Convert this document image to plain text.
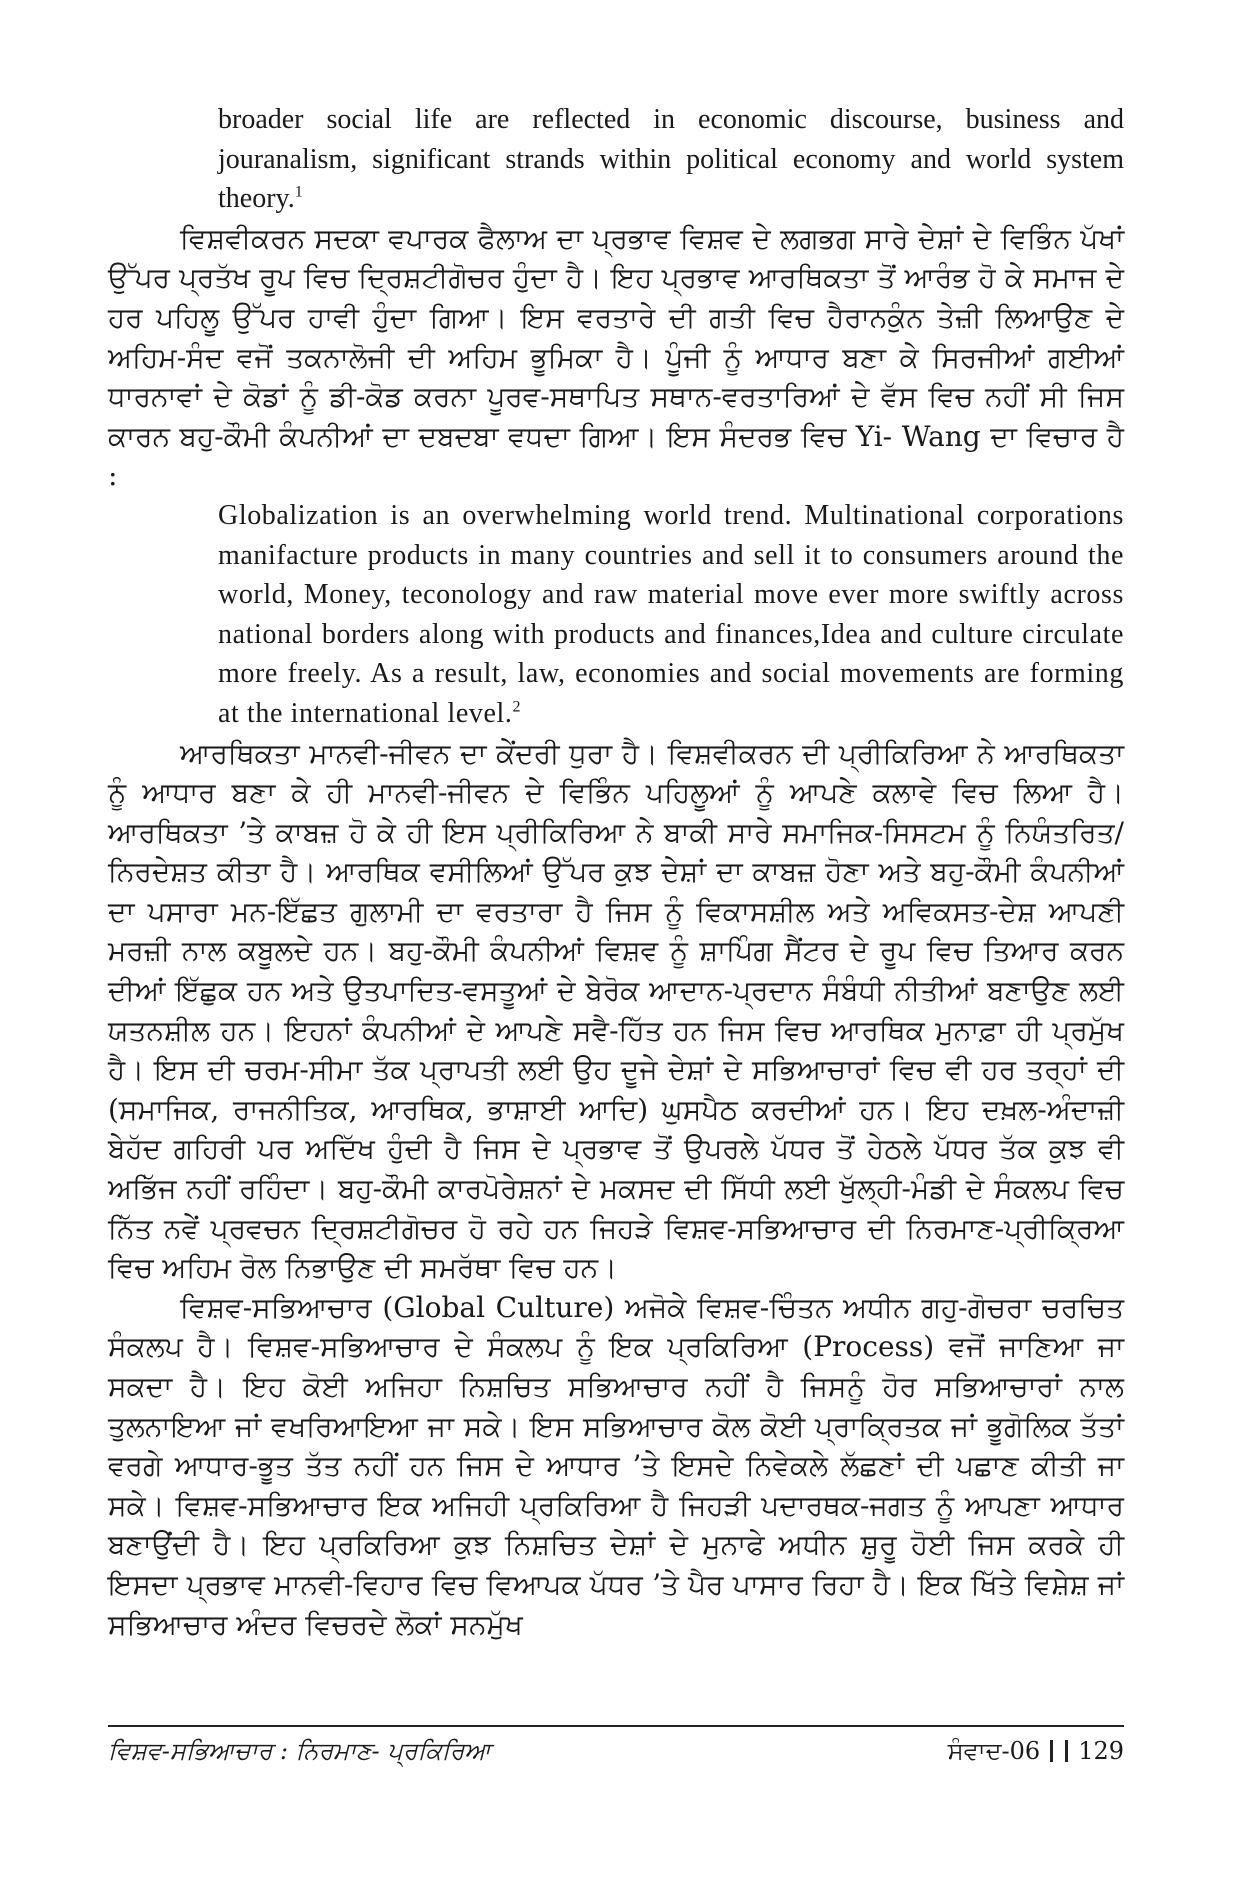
broader social life are reflected in economic discourse, business and jouranalism, significant strands within political economy and world system theory.$^1$

ਵਿਸ਼ਵੀਕਰਨ ਸਦਕਾ ਵਪਾਰਕ ਫੈਲਾਅ ਦਾ ਪ੍ਰਭਾਵ ਵਿਸ਼ਵ ਦੇ ਲਗਭਗ ਸਾਰੇ ਦੇਸ਼ਾਂ ਦੇ ਵਿਭਿੰਨ ਪੱਖਾਂ ਉੱਪਰ ਪ੍ਰਤੱਖ ਰੂਪ ਵਿਚ ਦ੍ਰਿਸ਼ਟੀਗੋਚਰ ਹੁੰਦਾ ਹੈ। ਇਹ ਪ੍ਰਭਾਵ ਆਰਥਿਕਤਾ ਤੋਂ ਆਰੰਭ ਹੋ ਕੇ ਸਮਾਜ ਦੇ ਹਰ ਪਹਿਲੂ ਉੱਪਰ ਹਾਵੀ ਹੁੰਦਾ ਗਿਆ। ਇਸ ਵਰਤਾਰੇ ਦੀ ਗਤੀ ਵਿਚ ਹੈਰਾਨਕੁੰਨ ਤੇਜ਼ੀ ਲਿਆਉਣ ਦੇ ਅਹਿਮ-ਸੰਦ ਵਜੋਂ ਤਕਨਾਲੋਜੀ ਦੀ ਅਹਿਮ ਭੂਮਿਕਾ ਹੈ। ਪੂੰਜੀ ਨੂੰ ਆਧਾਰ ਬਣਾ ਕੇ ਸਿਰਜੀਆਂ ਗਈਆਂ ਧਾਰਨਾਵਾਂ ਦੇ ਕੋਡਾਂ ਨੂੰ ਡੀ-ਕੋਡ ਕਰਨਾ ਪੂਰਵ-ਸਥਾਪਿਤ ਸਥਾਨ-ਵਰਤਾਰਿਆਂ ਦੇ ਵੱਸ ਵਿਚ ਨਹੀਂ ਸੀ ਜਿਸ ਕਾਰਨ ਬਹੁ-ਕੌਮੀ ਕੰਪਨੀਆਂ ਦਾ ਦਬਦਬਾ ਵਧਦਾ ਗਿਆ। ਇਸ ਸੰਦਰਭ ਵਿਚ Yi- Wang ਦਾ ਵਿਚਾਰ ਹੈ :

Globalization is an overwhelming world trend. Multinational corporations manifacture products in many countries and sell it to consumers around the world, Money, teconology and raw material move ever more swiftly across national borders along with products and finances,Idea and culture circulate more freely. As a result, law, economies and social movements are forming at the international level.$^2$

ਆਰਥਿਕਤਾ ਮਾਨਵੀ-ਜੀਵਨ ਦਾ ਕੇਂਦਰੀ ਧੁਰਾ ਹੈ। ਵਿਸ਼ਵੀਕਰਨ ਦੀ ਪ੍ਰੀਕਿਰਿਆ ਨੇ ਆਰਥਿਕਤਾ ਨੂੰ ਆਧਾਰ ਬਣਾ ਕੇ ਹੀ ਮਾਨਵੀ-ਜੀਵਨ ਦੇ ਵਿਭਿੰਨ ਪਹਿਲੂਆਂ ਨੂੰ ਆਪਣੇ ਕਲਾਵੇ ਵਿਚ ਲਿਆ ਹੈ। ਆਰਥਿਕਤਾ ’ਤੇ ਕਾਬਜ਼ ਹੋ ਕੇ ਹੀ ਇਸ ਪ੍ਰੀਕਿਰਿਆ ਨੇ ਬਾਕੀ ਸਾਰੇ ਸਮਾਜਿਕ-ਸਿਸਟਮ ਨੂੰ ਨਿਯੰਤਰਿਤ/ ਨਿਰਦੇਸ਼ਤ ਕੀਤਾ ਹੈ। ਆਰਥਿਕ ਵਸੀਲਿਆਂ ਉੱਪਰ ਕੁਝ ਦੇਸ਼ਾਂ ਦਾ ਕਾਬਜ਼ ਹੋਣਾ ਅਤੇ ਬਹੁ-ਕੌਮੀ ਕੰਪਨੀਆਂ ਦਾ ਪਸਾਰਾ ਮਨ-ਇੱਛਤ ਗੁਲਾਮੀ ਦਾ ਵਰਤਾਰਾ ਹੈ ਜਿਸ ਨੂੰ ਵਿਕਾਸਸ਼ੀਲ ਅਤੇ ਅਵਿਕਸਤ-ਦੇਸ਼ ਆਪਣੀ ਮਰਜ਼ੀ ਨਾਲ ਕਬੂਲਦੇ ਹਨ। ਬਹੁ-ਕੌਮੀ ਕੰਪਨੀਆਂ ਵਿਸ਼ਵ ਨੂੰ ਸ਼ਾਪਿੰਗ ਸੈਂਟਰ ਦੇ ਰੂਪ ਵਿਚ ਤਿਆਰ ਕਰਨ ਦੀਆਂ ਇੱਛੁਕ ਹਨ ਅਤੇ ਉਤਪਾਦਿਤ-ਵਸਤੂਆਂ ਦੇ ਬੇਰੋਕ ਆਦਾਨ-ਪ੍ਰਦਾਨ ਸੰਬੰਧੀ ਨੀਤੀਆਂ ਬਣਾਉਣ ਲਈ ਯਤਨਸ਼ੀਲ ਹਨ। ਇਹਨਾਂ ਕੰਪਨੀਆਂ ਦੇ ਆਪਣੇ ਸਵੈ-ਹਿੱਤ ਹਨ ਜਿਸ ਵਿਚ ਆਰਥਿਕ ਮੁਨਾਫ਼ਾ ਹੀ ਪ੍ਰਮੁੱਖ ਹੈ। ਇਸ ਦੀ ਚਰਮ-ਸੀਮਾ ਤੱਕ ਪ੍ਰਾਪਤੀ ਲਈ ਉਹ ਦੂਜੇ ਦੇਸ਼ਾਂ ਦੇ ਸਭਿਆਚਾਰਾਂ ਵਿਚ ਵੀ ਹਰ ਤਰ੍ਹਾਂ ਦੀ (ਸਮਾਜਿਕ, ਰਾਜਨੀਤਿਕ, ਆਰਥਿਕ, ਭਾਸ਼ਾਈ ਆਦਿ) ਘੁਸਪੈਠ ਕਰਦੀਆਂ ਹਨ। ਇਹ ਦਖ਼ਲ-ਅੰਦਾਜ਼ੀ ਬੇਹੱਦ ਗਹਿਰੀ ਪਰ ਅਦਿੱਖ ਹੁੰਦੀ ਹੈ ਜਿਸ ਦੇ ਪ੍ਰਭਾਵ ਤੋਂ ਉਪਰਲੇ ਪੱਧਰ ਤੋਂ ਹੇਠਲੇ ਪੱਧਰ ਤੱਕ ਕੁਝ ਵੀ ਅਭਿੱਜ ਨਹੀਂ ਰਹਿੰਦਾ। ਬਹੁ-ਕੌਮੀ ਕਾਰਪੋਰੇਸ਼ਨਾਂ ਦੇ ਮਕਸਦ ਦੀ ਸਿੱਧੀ ਲਈ ਖੁੱਲ੍ਹੀ-ਮੰਡੀ ਦੇ ਸੰਕਲਪ ਵਿਚ ਨਿੱਤ ਨਵੇਂ ਪ੍ਰਵਚਨ ਦ੍ਰਿਸ਼ਟੀਗੋਚਰ ਹੋ ਰਹੇ ਹਨ ਜਿਹੜੇ ਵਿਸ਼ਵ-ਸਭਿਆਚਾਰ ਦੀ ਨਿਰਮਾਣ-ਪ੍ਰੀਕ੍ਰਿਆ ਵਿਚ ਅਹਿਮ ਰੋਲ ਨਿਭਾਉਣ ਦੀ ਸਮਰੱਥਾ ਵਿਚ ਹਨ।

ਵਿਸ਼ਵ-ਸਭਿਆਚਾਰ (Global Culture) ਅਜੋਕੇ ਵਿਸ਼ਵ-ਚਿੰਤਨ ਅਧੀਨ ਗਹੁ-ਗੋਚਰਾ ਚਰਚਿਤ ਸੰਕਲਪ ਹੈ। ਵਿਸ਼ਵ-ਸਭਿਆਚਾਰ ਦੇ ਸੰਕਲਪ ਨੂੰ ਇਕ ਪ੍ਰਕਿਰਿਆ (Process) ਵਜੋਂ ਜਾਣਿਆ ਜਾ ਸਕਦਾ ਹੈ। ਇਹ ਕੋਈ ਅਜਿਹਾ ਨਿਸ਼ਚਿਤ ਸਭਿਆਚਾਰ ਨਹੀਂ ਹੈ ਜਿਸਨੂੰ ਹੋਰ ਸਭਿਆਚਾਰਾਂ ਨਾਲ ਤੁਲਨਾਇਆ ਜਾਂ ਵਖਰਿਆਇਆ ਜਾ ਸਕੇ। ਇਸ ਸਭਿਆਚਾਰ ਕੋਲ ਕੋਈ ਪ੍ਰਾਕ੍ਰਿਤਕ ਜਾਂ ਭੂਗੋਲਿਕ ਤੱਤਾਂ ਵਰਗੇ ਆਧਾਰ-ਭੂਤ ਤੱਤ ਨਹੀਂ ਹਨ ਜਿਸ ਦੇ ਆਧਾਰ ’ਤੇ ਇਸਦੇ ਨਿਵੇਕਲੇ ਲੱਛਣਾਂ ਦੀ ਪਛਾਣ ਕੀਤੀ ਜਾ ਸਕੇ। ਵਿਸ਼ਵ-ਸਭਿਆਚਾਰ ਇਕ ਅਜਿਹੀ ਪ੍ਰਕਿਰਿਆ ਹੈ ਜਿਹੜੀ ਪਦਾਰਥਕ-ਜਗਤ ਨੂੰ ਆਪਣਾ ਆਧਾਰ ਬਣਾਉਂਦੀ ਹੈ। ਇਹ ਪ੍ਰਕਿਰਿਆ ਕੁਝ ਨਿਸ਼ਚਿਤ ਦੇਸ਼ਾਂ ਦੇ ਮੁਨਾਫੇ ਅਧੀਨ ਸ਼ੁਰੂ ਹੋਈ ਜਿਸ ਕਰਕੇ ਹੀ ਇਸਦਾ ਪ੍ਰਭਾਵ ਮਾਨਵੀ-ਵਿਹਾਰ ਵਿਚ ਵਿਆਪਕ ਪੱਧਰ ’ਤੇ ਪੈਰ ਪਾਸਾਰ ਰਿਹਾ ਹੈ। ਇਕ ਖਿੱਤੇ ਵਿਸ਼ੇਸ਼ ਜਾਂ ਸਭਿਆਚਾਰ ਅੰਦਰ ਵਿਚਰਦੇ ਲੋਕਾਂ ਸਨਮੁੱਖ

ਵਿਸ਼ਵ-ਸਭਿਆਚਾਰ : ਨਿਰਮਾਣ- ਪ੍ਰਕਿਰਿਆ	ਸੰਵਾਦ-06 129
